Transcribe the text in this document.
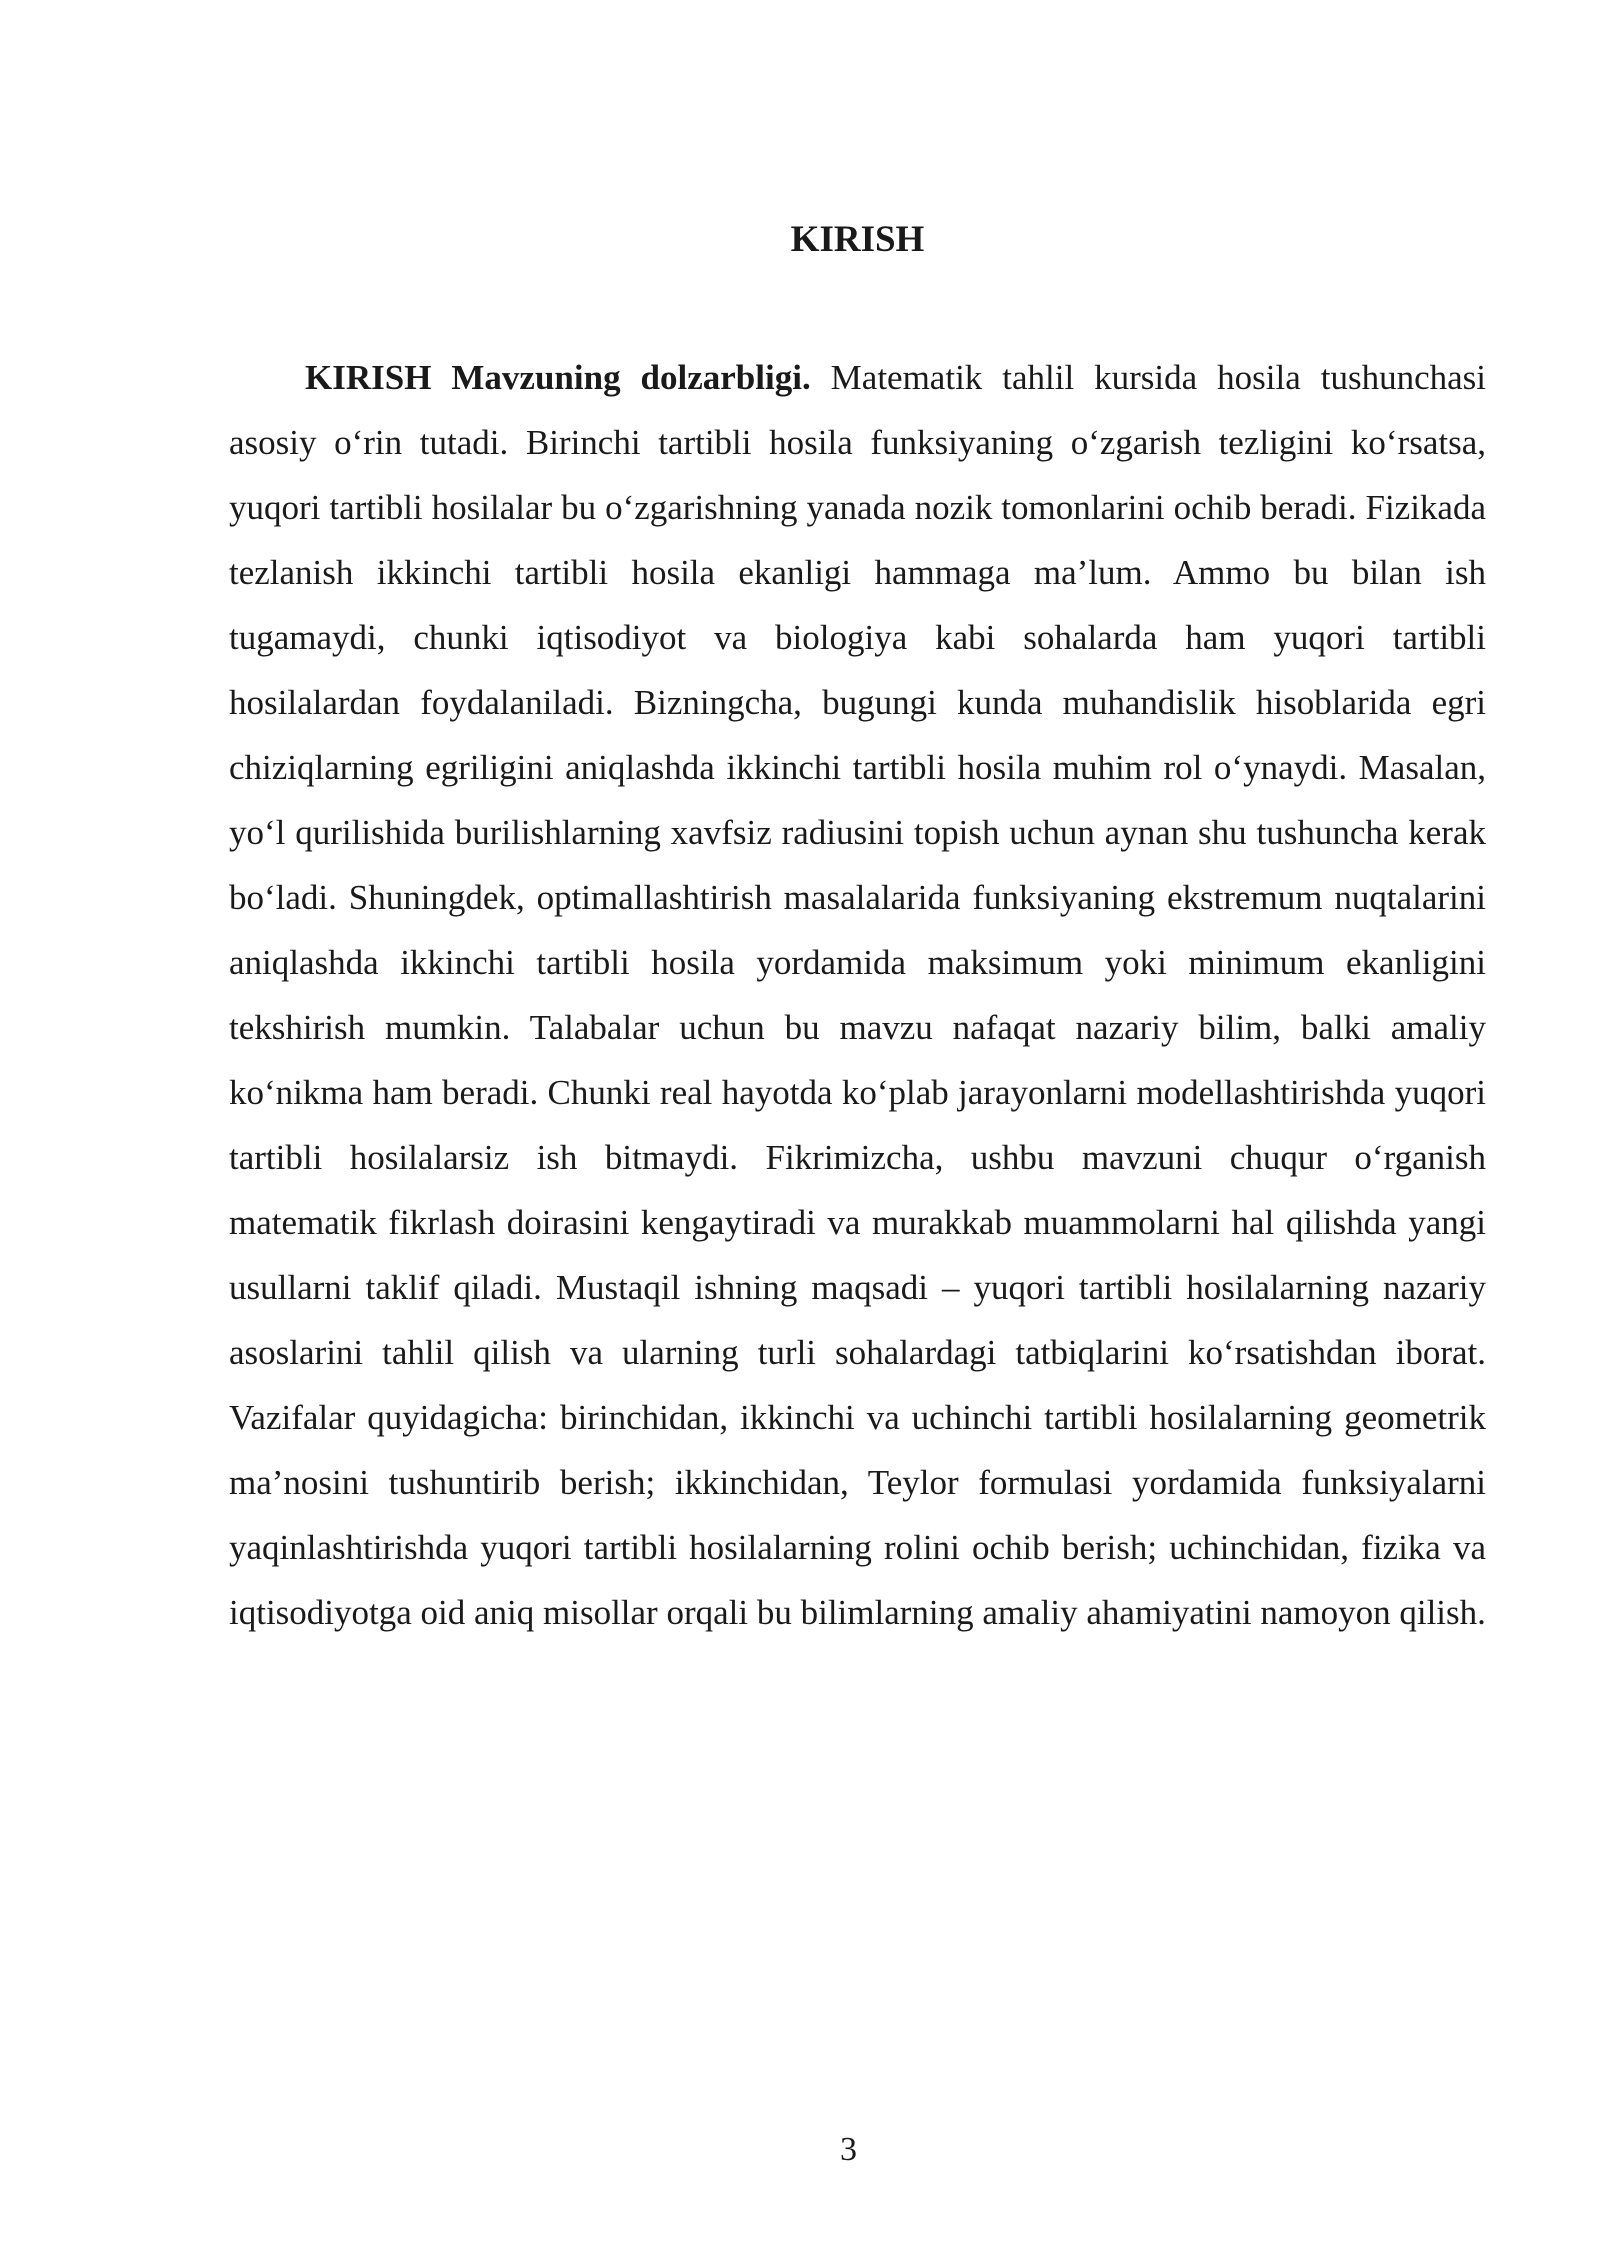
KIRISH

KIRISH Mavzuning dolzarbligi. Matematik tahlil kursida hosila tushunchasi asosiy o‘rin tutadi. Birinchi tartibli hosila funksiyaning o‘zgarish tezligini ko‘rsatsa, yuqori tartibli hosilalar bu o‘zgarishning yanada nozik tomonlarini ochib beradi. Fizikada tezlanish ikkinchi tartibli hosila ekanligi hammaga ma’lum. Ammo bu bilan ish tugamaydi, chunki iqtisodiyot va biologiya kabi sohalarda ham yuqori tartibli hosilalardan foydalaniladi. Bizningcha, bugungi kunda muhandislik hisoblarida egri chiziqlarning egriligini aniqlashda ikkinchi tartibli hosila muhim rol o‘ynaydi. Masalan, yo‘l qurilishida burilishlarning xavfsiz radiusini topish uchun aynan shu tushuncha kerak bo‘ladi. Shuningdek, optimallashtirish masalalarida funksiyaning ekstremum nuqtalarini aniqlashda ikkinchi tartibli hosila yordamida maksimum yoki minimum ekanligini tekshirish mumkin. Talabalar uchun bu mavzu nafaqat nazariy bilim, balki amaliy ko‘nikma ham beradi. Chunki real hayotda ko‘plab jarayonlarni modellashtirishda yuqori tartibli hosilalarsiz ish bitmaydi. Fikrimizcha, ushbu mavzuni chuqur o‘rganish matematik fikrlash doirasini kengaytiradi va murakkab muammolarni hal qilishda yangi usullarni taklif qiladi. Mustaqil ishning maqsadi – yuqori tartibli hosilalarning nazariy asoslarini tahlil qilish va ularning turli sohalardagi tatbiqlarini ko‘rsatishdan iborat. Vazifalar quyidagicha: birinchidan, ikkinchi va uchinchi tartibli hosilalarning geometrik ma’nosini tushuntirib berish; ikkinchidan, Teylor formulasi yordamida funksiyalarni yaqinlashtirishda yuqori tartibli hosilalarning rolini ochib berish; uchinchidan, fizika va iqtisodiyotga oid aniq misollar orqali bu bilimlarning amaliy ahamiyatini namoyon qilish.

3
